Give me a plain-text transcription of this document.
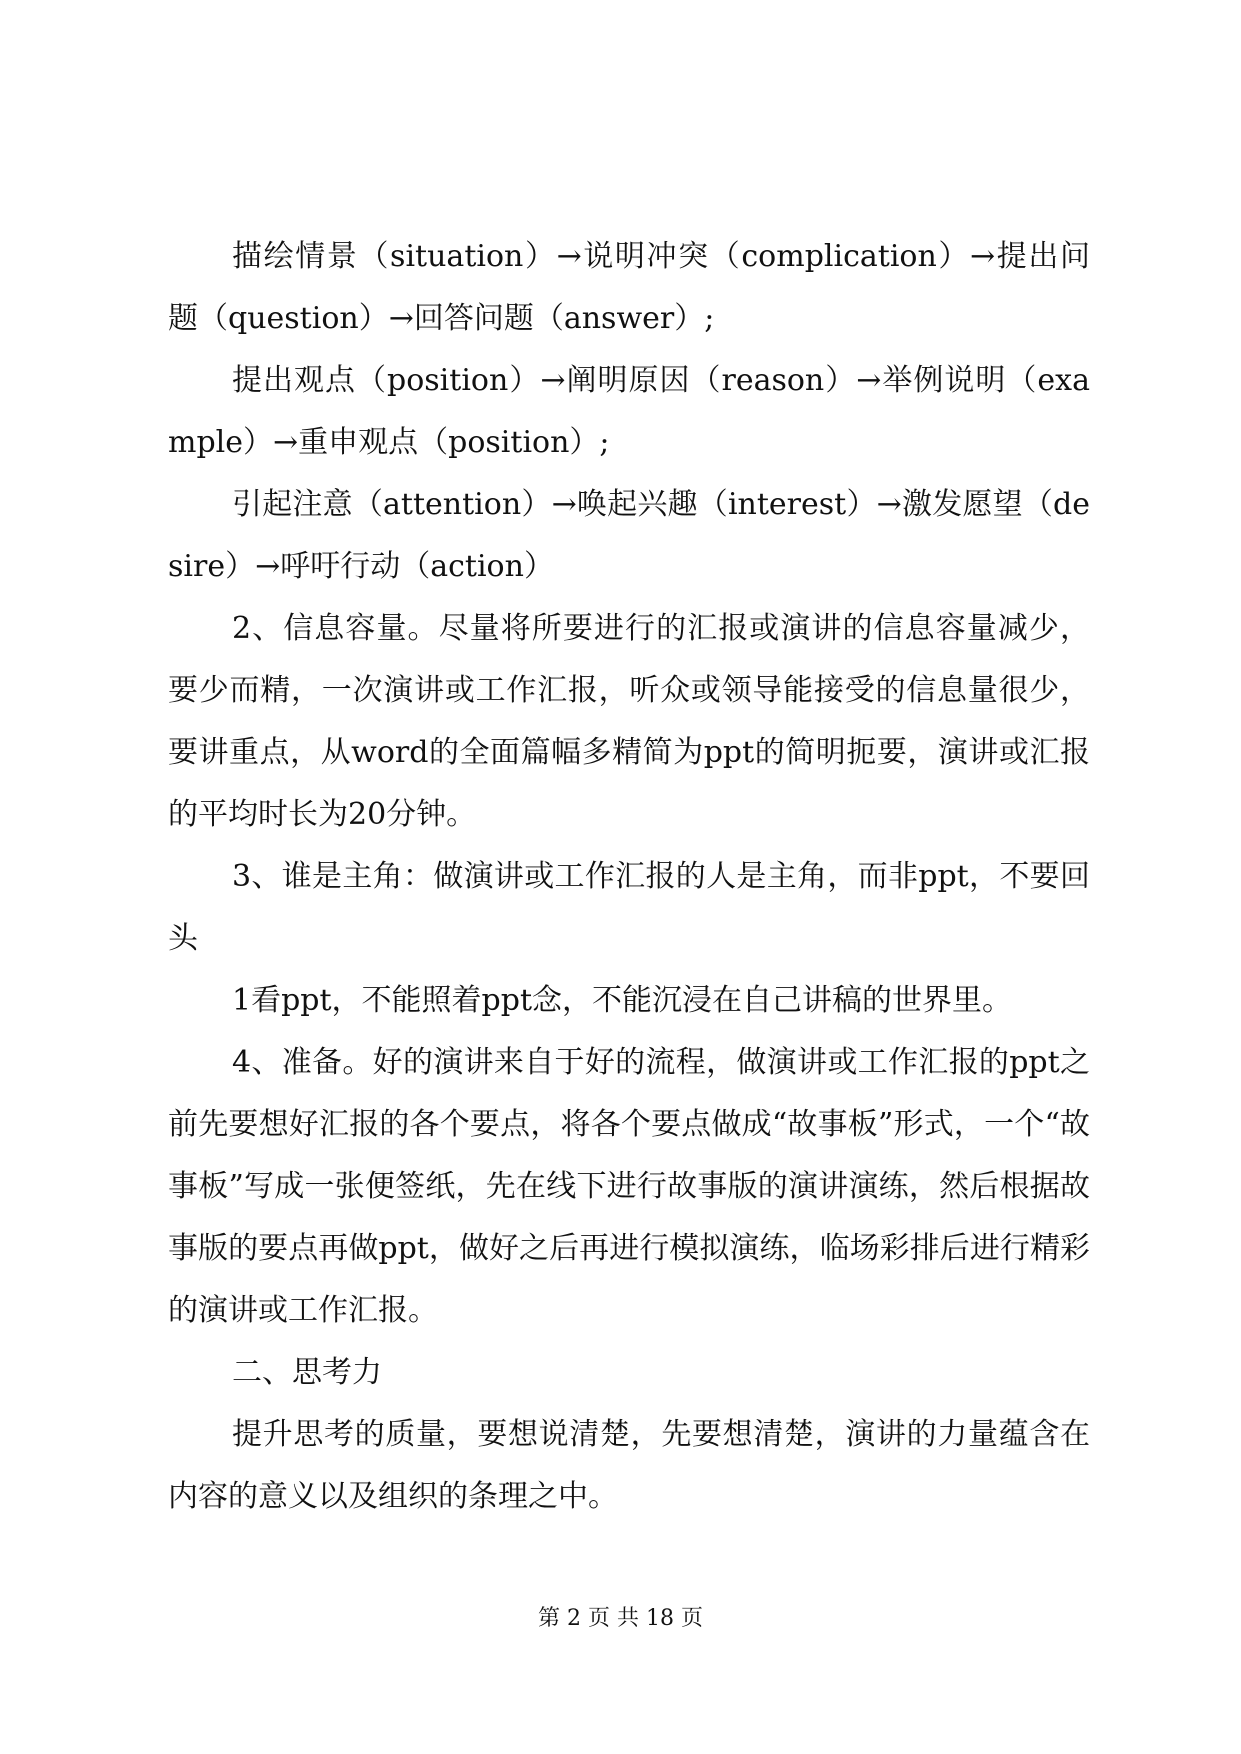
描绘情景（situation）→说明冲突（complication）→提出问题（question）→回答问题（answer）;

提出观点（position）→阐明原因（reason）→举例说明（example）→重申观点（position）;

引起注意（attention）→唤起兴趣（interest）→激发愿望（desire）→呼吁行动（action）

2、信息容量。尽量将所要进行的汇报或演讲的信息容量减少，要少而精，一次演讲或工作汇报，听众或领导能接受的信息量很少，要讲重点，从word的全面篇幅多精简为ppt的简明扼要，演讲或汇报的平均时长为20分钟。

3、谁是主角：做演讲或工作汇报的人是主角，而非ppt，不要回头

1看ppt，不能照着ppt念，不能沉浸在自己讲稿的世界里。

4、准备。好的演讲来自于好的流程，做演讲或工作汇报的ppt之前先要想好汇报的各个要点，将各个要点做成“故事板”形式，一个“故事板”写成一张便签纸，先在线下进行故事版的演讲演练，然后根据故事版的要点再做ppt，做好之后再进行模拟演练，临场彩排后进行精彩的演讲或工作汇报。

二、思考力

提升思考的质量，要想说清楚，先要想清楚，演讲的力量蕴含在内容的意义以及组织的条理之中。

第 2 页 共 18 页
